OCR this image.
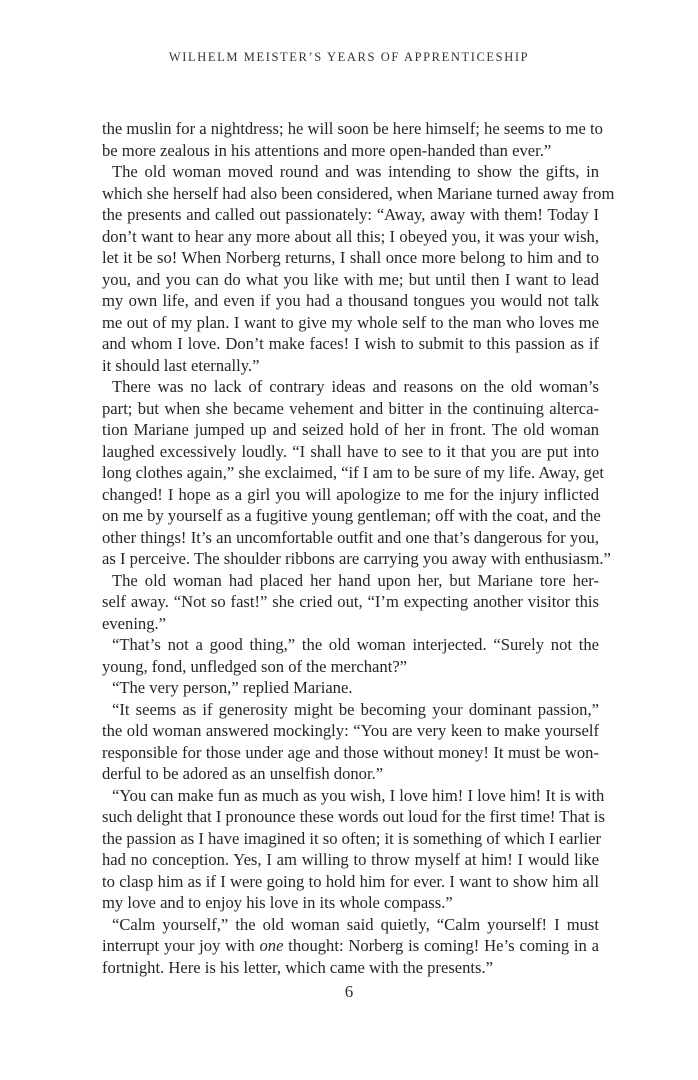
WILHELM MEISTER’S YEARS OF APPRENTICESHIP
the muslin for a nightdress; he will soon be here himself; he seems to me to
be more zealous in his attentions and more open-handed than ever.”
The old woman moved round and was intending to show the gifts, in
which she herself had also been considered, when Mariane turned away from
the presents and called out passionately: “Away, away with them! Today I
don’t want to hear any more about all this; I obeyed you, it was your wish,
let it be so! When Norberg returns, I shall once more belong to him and to
you, and you can do what you like with me; but until then I want to lead
my own life, and even if you had a thousand tongues you would not talk
me out of my plan. I want to give my whole self to the man who loves me
and whom I love. Don’t make faces! I wish to submit to this passion as if
it should last eternally.”
There was no lack of contrary ideas and reasons on the old woman’s
part; but when she became vehement and bitter in the continuing alterca-
tion Mariane jumped up and seized hold of her in front. The old woman
laughed excessively loudly. “I shall have to see to it that you are put into
long clothes again,” she exclaimed, “if I am to be sure of my life. Away, get
changed! I hope as a girl you will apologize to me for the injury inflicted
on me by yourself as a fugitive young gentleman; off with the coat, and the
other things! It’s an uncomfortable outfit and one that’s dangerous for you,
as I perceive. The shoulder ribbons are carrying you away with enthusiasm.”
The old woman had placed her hand upon her, but Mariane tore her-
self away. “Not so fast!” she cried out, “I’m expecting another visitor this
evening.”
“That’s not a good thing,” the old woman interjected. “Surely not the
young, fond, unfledged son of the merchant?”
“The very person,” replied Mariane.
“It seems as if generosity might be becoming your dominant passion,”
the old woman answered mockingly: “You are very keen to make yourself
responsible for those under age and those without money! It must be won-
derful to be adored as an unselfish donor.”
“You can make fun as much as you wish, I love him! I love him! It is with
such delight that I pronounce these words out loud for the first time! That is
the passion as I have imagined it so often; it is something of which I earlier
had no conception. Yes, I am willing to throw myself at him! I would like
to clasp him as if I were going to hold him for ever. I want to show him all
my love and to enjoy his love in its whole compass.”
“Calm yourself,” the old woman said quietly, “Calm yourself! I must
interrupt your joy with one thought: Norberg is coming! He’s coming in a
fortnight. Here is his letter, which came with the presents.”
6
